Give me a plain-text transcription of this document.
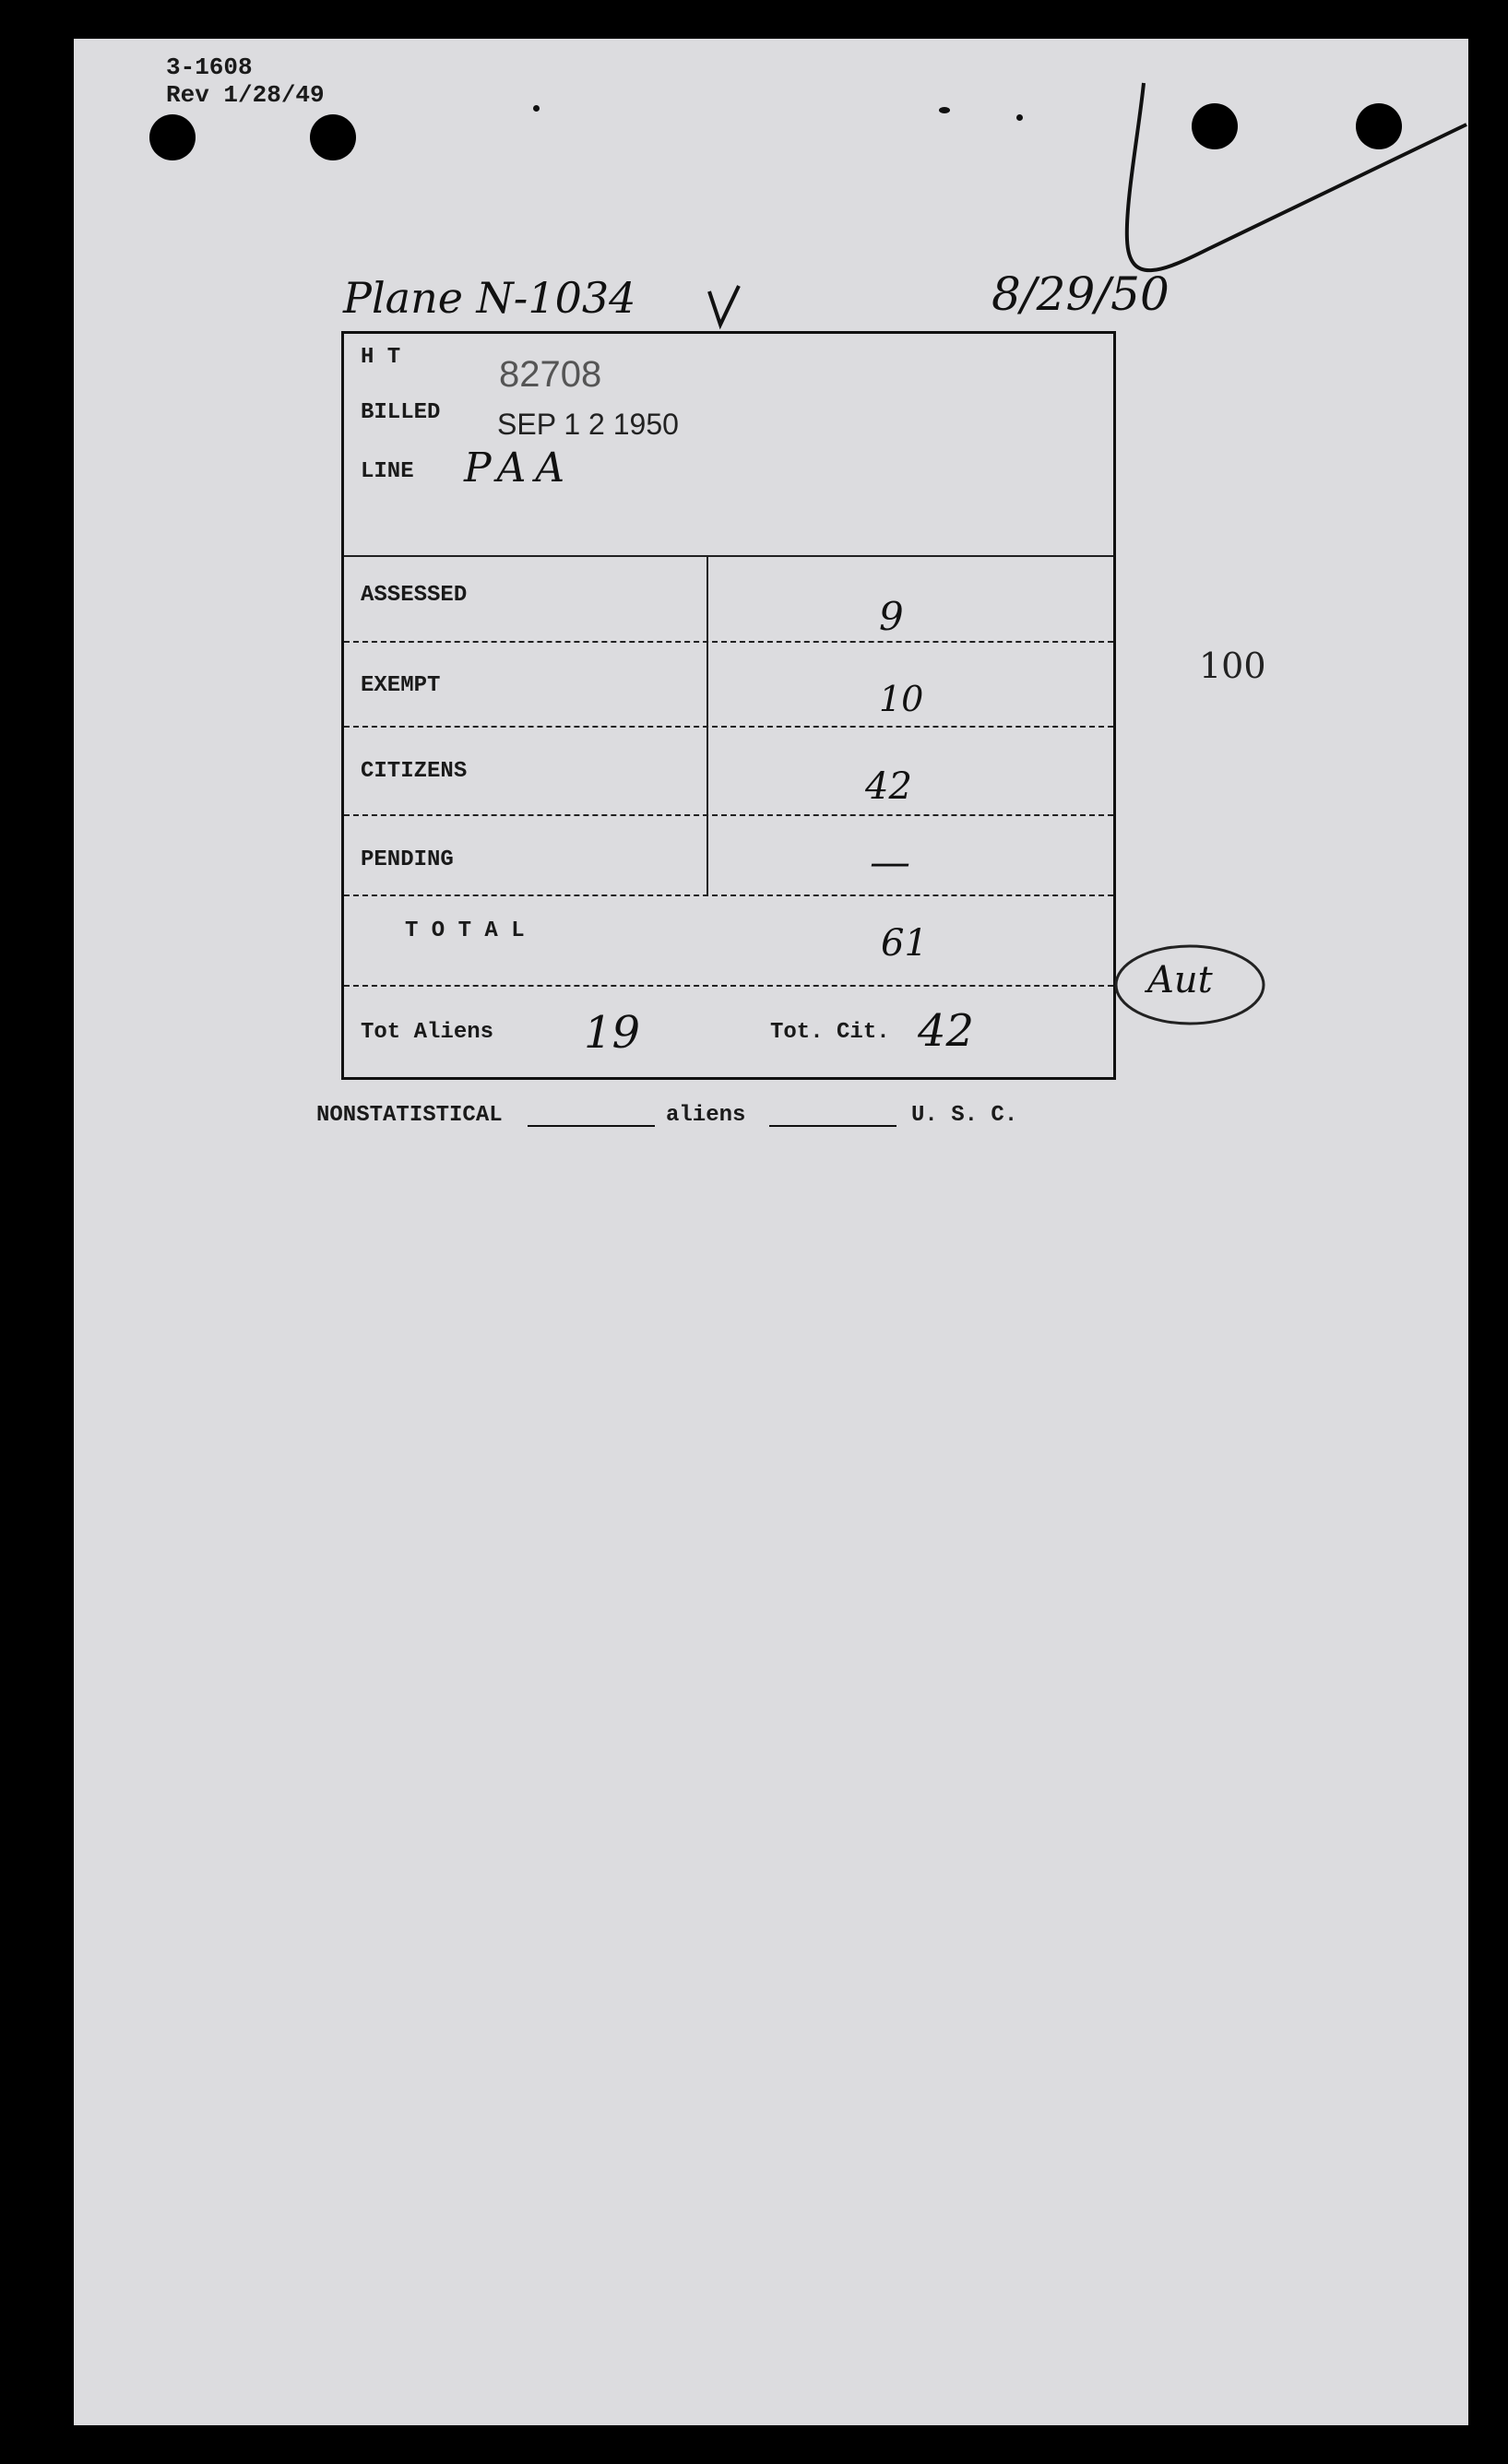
3-1608
Rev 1/28/49
Plane N-1034	8/29/50
H T	82708
BILLED SEP 1 2 1950
LINE PAA
ASSESSED	9
EXEMPT	10
CITIZENS	42
PENDING	—
T O T A L	61
Tot Aliens 19	Tot. Cit. 42
100
Aut
NONSTATISTICAL	aliens	U. S. C.
